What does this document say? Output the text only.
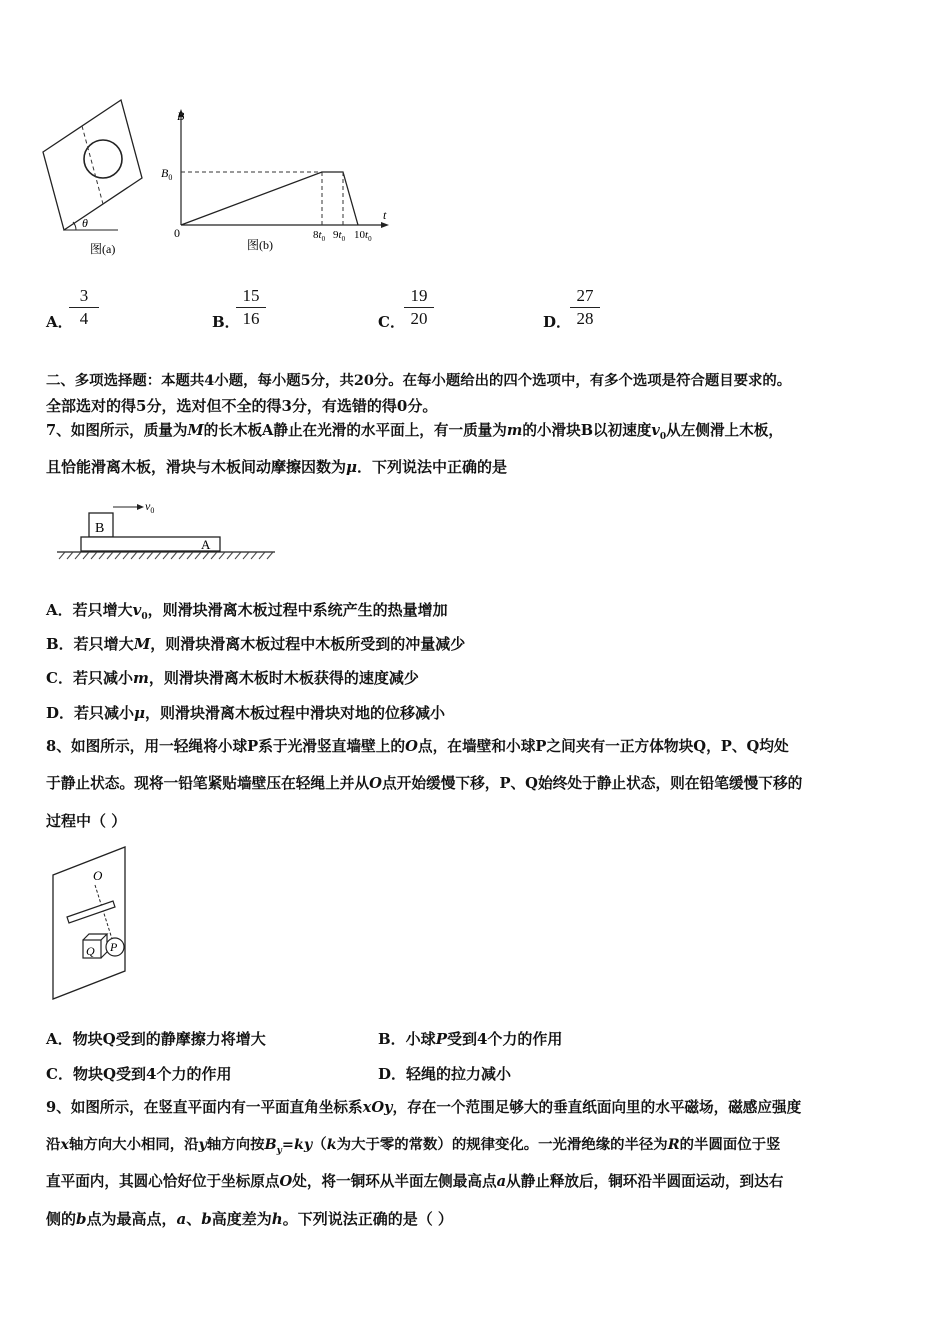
θ
图(a)
B
$B_0$
0
t
$8t_0$ $9t_0$ $10t_0$
图(b)
A．
3
4	B．
15
16	C．
19
20	D．
27
28
二、多项选择题：本题共4小题，每小题5分，共20分。在每小题给出的四个选项中，有多个选项是符合题目要求的。
全部选对的得5分，选对但不全的得3分，有选错的得0分。
7、如图所示，质量为M的长木板A静止在光滑的水平面上，有一质量为m的小滑块B以初速度$v_0$从左侧滑上木板，
且恰能滑离木板，滑块与木板间动摩擦因数为μ．下列说法中正确的是
B
$v_0$
A
A．若只增大$v_0$，则滑块滑离木板过程中系统产生的热量增加
B．若只增大M，则滑块滑离木板过程中木板所受到的冲量减少
C．若只减小m，则滑块滑离木板时木板获得的速度减少
D．若只减小μ，则滑块滑离木板过程中滑块对地的位移减小
8、如图所示，用一轻绳将小球P系于光滑竖直墙壁上的O点，在墙壁和小球P之间夹有一正方体物块Q，P、Q均处
于静止状态。现将一铅笔紧贴墙壁压在轻绳上并从O点开始缓慢下移，P、Q始终处于静止状态，则在铅笔缓慢下移的
过程中（ ）
O
Q P
A．物块Q受到的静摩擦力将增大	B．小球P受到4个力的作用
C．物块Q受到4个力的作用	D．轻绳的拉力减小
9、如图所示，在竖直平面内有一平面直角坐标系xOy，存在一个范围足够大的垂直纸面向里的水平磁场，磁感应强度
沿x轴方向大小相同，沿y轴方向按$B_y=ky(k$为大于零的常数）的规律变化。一光滑绝缘的半径为R的半圆面位于竖
直平面内，其圆心恰好位于坐标原点O处，将一铜环从半面左侧最高点a从静止释放后，铜环沿半圆面运动，到达右
侧的b点为最高点，a、b高度差为h。下列说法正确的是（ ）
